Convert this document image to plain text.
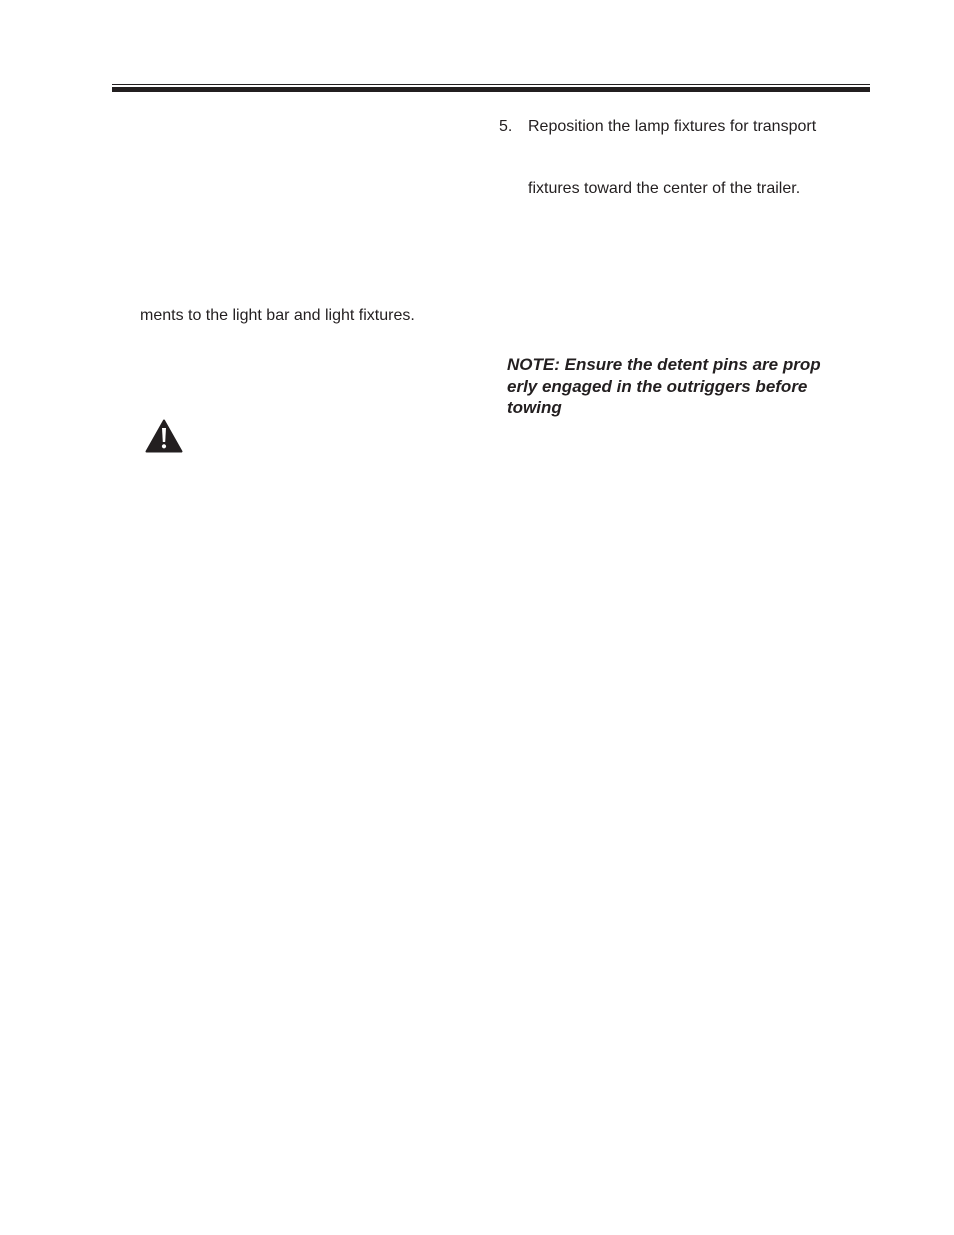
5. Reposition the lamp fixtures for transport
fixtures toward the center of the trailer.
ments to the light bar and light fixtures.
NOTE: Ensure the detent pins are prop
erly engaged in the outriggers before
towing
